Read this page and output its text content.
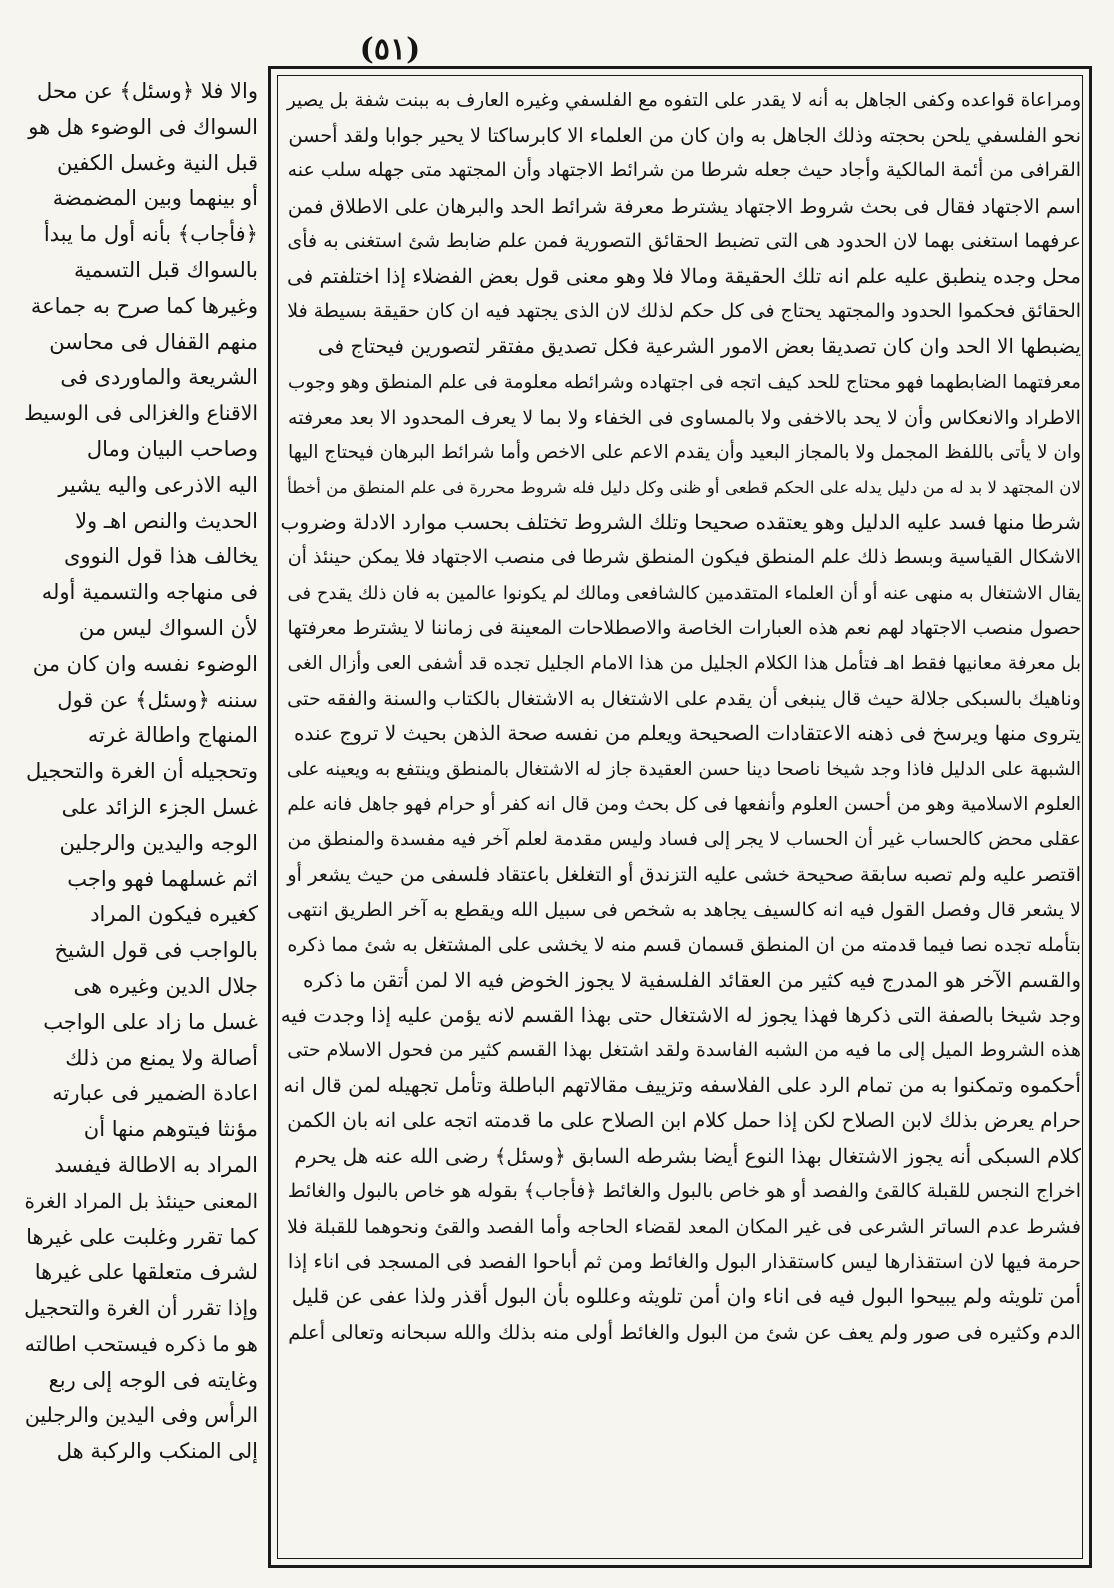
(٥١)
ومراعاة قواعده وكفى الجاهل به أنه لا يقدر على التفوه مع الفلسفي وغيره العارف به ببنت شفة بل يصير
نحو الفلسفي يلحن بحجته وذلك الجاهل به وان كان من العلماء الا كابرساكتا لا يحير جوابا ولقد أحسن
القرافى من أئمة المالكية وأجاد حيث جعله شرطا من شرائط الاجتهاد وأن المجتهد متى جهله سلب عنه
اسم الاجتهاد فقال فى بحث شروط الاجتهاد يشترط معرفة شرائط الحد والبرهان على الاطلاق فمن
عرفهما استغنى بهما لان الحدود هى التى تضبط الحقائق التصورية فمن علم ضابط شئ استغنى به فأى
محل وجده ينطبق عليه علم انه تلك الحقيقة ومالا فلا وهو معنى قول بعض الفضلاء إذا اختلفتم فى
الحقائق فحكموا الحدود والمجتهد يحتاج فى كل حكم لذلك لان الذى يجتهد فيه ان كان حقيقة بسيطة فلا
يضبطها الا الحد وان كان تصديقا بعض الامور الشرعية فكل تصديق مفتقر لتصورين فيحتاج فى
معرفتهما الضابطهما فهو محتاج للحد كيف اتجه فى اجتهاده وشرائطه معلومة فى علم المنطق وهو وجوب
الاطراد والانعكاس وأن لا يحد بالاخفى ولا بالمساوى فى الخفاء ولا بما لا يعرف المحدود الا بعد معرفته
وان لا يأتى باللفظ المجمل ولا بالمجاز البعيد وأن يقدم الاعم على الاخص وأما شرائط البرهان فيحتاج اليها
لان المجتهد لا بد له من دليل يدله على الحكم قطعى أو ظنى وكل دليل فله شروط محررة فى علم المنطق من أخطأ
شرطا منها فسد عليه الدليل وهو يعتقده صحيحا وتلك الشروط تختلف بحسب موارد الادلة وضروب
الاشكال القياسية وبسط ذلك علم المنطق فيكون المنطق شرطا فى منصب الاجتهاد فلا يمكن حينئذ أن
يقال الاشتغال به منهى عنه أو أن العلماء المتقدمين كالشافعى ومالك لم يكونوا عالمين به فان ذلك يقدح فى
حصول منصب الاجتهاد لهم نعم هذه العبارات الخاصة والاصطلاحات المعينة فى زماننا لا يشترط معرفتها
بل معرفة معانيها فقط اهـ فتأمل هذا الكلام الجليل من هذا الامام الجليل تجده قد أشفى العى وأزال الغى
وناهيك بالسبكى جلالة حيث قال ينبغى أن يقدم على الاشتغال به الاشتغال بالكتاب والسنة والفقه حتى
يتروى منها ويرسخ فى ذهنه الاعتقادات الصحيحة ويعلم من نفسه صحة الذهن بحيث لا تروج عنده
الشبهة على الدليل فاذا وجد شيخا ناصحا دينا حسن العقيدة جاز له الاشتغال بالمنطق وينتفع به ويعينه على
العلوم الاسلامية وهو من أحسن العلوم وأنفعها فى كل بحث ومن قال انه كفر أو حرام فهو جاهل فانه علم
عقلى محض كالحساب غير أن الحساب لا يجر إلى فساد وليس مقدمة لعلم آخر فيه مفسدة والمنطق من
اقتصر عليه ولم تصبه سابقة صحيحة خشى عليه التزندق أو التغلغل باعتقاد فلسفى من حيث يشعر أو
لا يشعر قال وفصل القول فيه انه كالسيف يجاهد به شخص فى سبيل الله ويقطع به آخر الطريق انتهى
بتأمله تجده نصا فيما قدمته من ان المنطق قسمان قسم منه لا يخشى على المشتغل به شئ مما ذكره
والقسم الآخر هو المدرج فيه كثير من العقائد الفلسفية لا يجوز الخوض فيه الا لمن أتقن ما ذكره
وجد شيخا بالصفة التى ذكرها فهذا يجوز له الاشتغال حتى بهذا القسم لانه يؤمن عليه إذا وجدت فيه
هذه الشروط الميل إلى ما فيه من الشبه الفاسدة ولقد اشتغل بهذا القسم كثير من فحول الاسلام حتى
أحكموه وتمكنوا به من تمام الرد على الفلاسفه وتزييف مقالاتهم الباطلة وتأمل تجهيله لمن قال انه
حرام يعرض بذلك لابن الصلاح لكن إذا حمل كلام ابن الصلاح على ما قدمته اتجه على انه بان الكمن
كلام السبكى أنه يجوز الاشتغال بهذا النوع أيضا بشرطه السابق ﴿وسئل﴾ رضى الله عنه هل يحرم
اخراج النجس للقبلة كالقئ والفصد أو هو خاص بالبول والغائط ﴿فأجاب﴾ بقوله هو خاص بالبول والغائط
فشرط عدم الساتر الشرعى فى غير المكان المعد لقضاء الحاجه وأما الفصد والقئ ونحوهما للقبلة فلا
حرمة فيها لان استقذارها ليس كاستقذار البول والغائط ومن ثم أباحوا الفصد فى المسجد فى اناء إذا
أمن تلويثه ولم يبيحوا البول فيه فى اناء وان أمن تلويثه وعللوه بأن البول أقذر ولذا عفى عن قليل
الدم وكثيره فى صور ولم يعف عن شئ من البول والغائط أولى منه بذلك والله سبحانه وتعالى أعلم
والا فلا ﴿وسئل﴾ عن محل
السواك فى الوضوء هل هو
قبل النية وغسل الكفين
أو بينهما وبين المضمضة
﴿فأجاب﴾ بأنه أول ما يبدأ
بالسواك قبل التسمية
وغيرها كما صرح به جماعة
منهم القفال فى محاسن
الشريعة والماوردى فى
الاقناع والغزالى فى الوسيط
وصاحب البيان ومال
اليه الاذرعى واليه يشير
الحديث والنص اهـ ولا
يخالف هذا قول النووى
فى منهاجه والتسمية أوله
لأن السواك ليس من
الوضوء نفسه وان كان من
سننه ﴿وسئل﴾ عن قول
المنهاج واطالة غرته
وتحجيله أن الغرة والتحجيل
غسل الجزء الزائد على
الوجه واليدين والرجلين
اثم غسلهما فهو واجب
كغيره فيكون المراد
بالواجب فى قول الشيخ
جلال الدين وغيره هى
غسل ما زاد على الواجب
أصالة ولا يمنع من ذلك
اعادة الضمير فى عبارته
مؤنثا فيتوهم منها أن
المراد به الاطالة فيفسد
المعنى حينئذ بل المراد الغرة
كما تقرر وغلبت على غيرها
لشرف متعلقها على غيرها
وإذا تقرر أن الغرة والتحجيل
هو ما ذكره فيستحب اطالته
وغايته فى الوجه إلى ربع
الرأس وفى اليدين والرجلين
إلى المنكب والركبة هل
